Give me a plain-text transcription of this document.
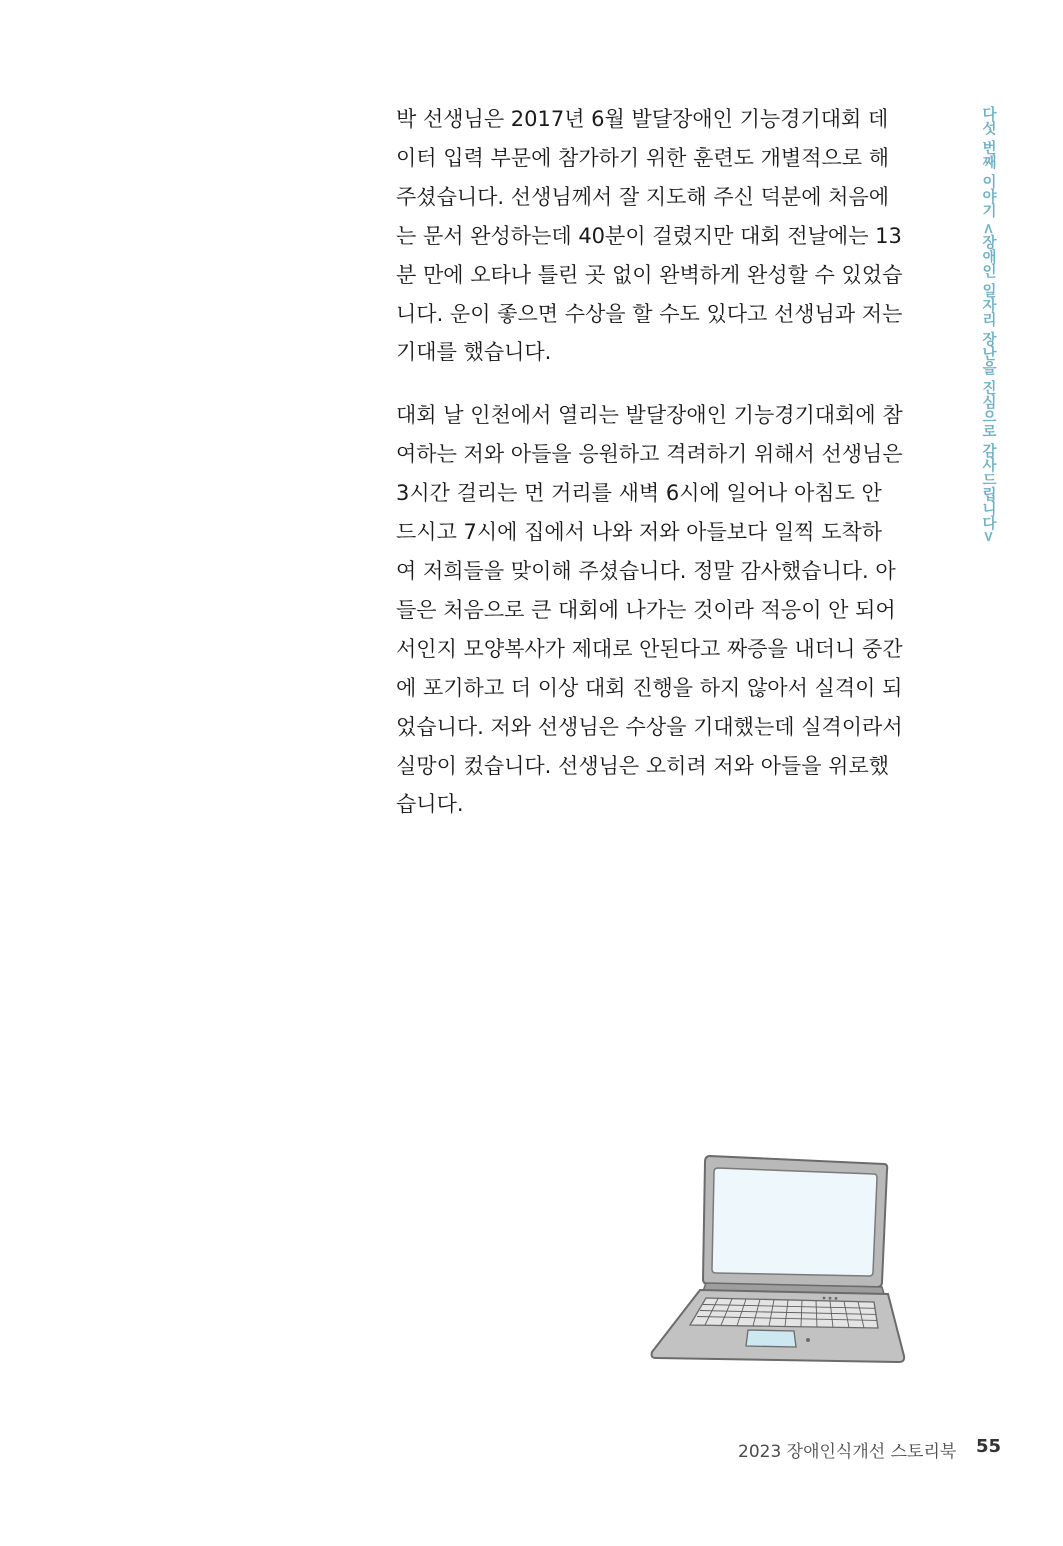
다섯 번째 이야기 <장애인 일자리 장난을 진심으로 감사드립니다>

박 선생님은 2017년 6월 발달장애인 기능경기대회 데
이터 입력 부문에 참가하기 위한 훈련도 개별적으로 해
주셨습니다. 선생님께서 잘 지도해 주신 덕분에 처음에
는 문서 완성하는데 40분이 걸렸지만 대회 전날에는 13
분 만에 오타나 틀린 곳 없이 완벽하게 완성할 수 있었습
니다. 운이 좋으면 수상을 할 수도 있다고 선생님과 저는
기대를 했습니다.

대회 날 인천에서 열리는 발달장애인 기능경기대회에 참
여하는 저와 아들을 응원하고 격려하기 위해서 선생님은
3시간 걸리는 먼 거리를 새벽 6시에 일어나 아침도 안
드시고 7시에 집에서 나와 저와 아들보다 일찍 도착하
여 저희들을 맞이해 주셨습니다. 정말 감사했습니다. 아
들은 처음으로 큰 대회에 나가는 것이라 적응이 안 되어
서인지 모양복사가 제대로 안된다고 짜증을 내더니 중간
에 포기하고 더 이상 대회 진행을 하지 않아서 실격이 되
었습니다. 저와 선생님은 수상을 기대했는데 실격이라서
실망이 컸습니다. 선생님은 오히려 저와 아들을 위로했
습니다.

2023 장애인식개선 스토리북 55
